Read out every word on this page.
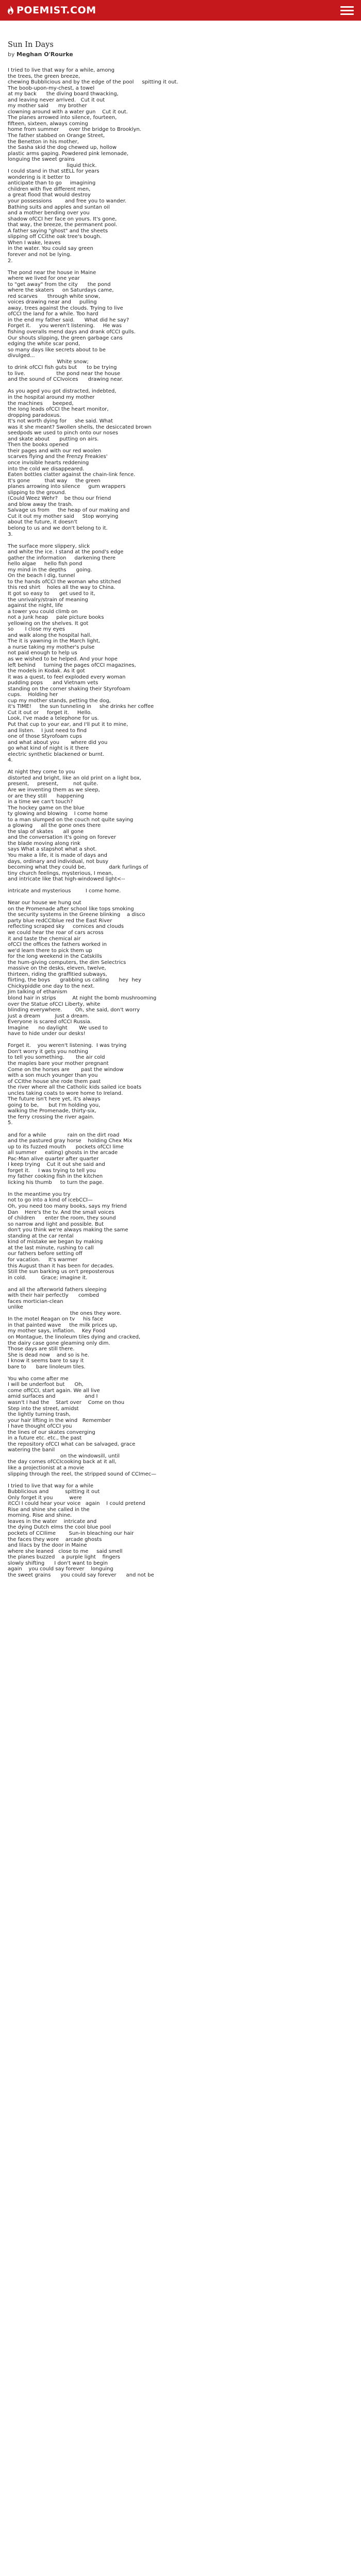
POEMIST.COM
Sun In Days
by Meghan O'Rourke
I tried to live that way for a while, among
the trees, the green breeze,
chewing Bubblicious and by the edge of the pool     spitting it out.
The boob-upon-my-chest, a towel
at my back      the diving board thwacking,
and leaving never arrived.   Cut it out
my mother said      my brother
clowning around with a water gun    Cut it out.
The planes arrowed into silence, fourteen,
fifteen, sixteen, always coming
home from summer      over the bridge to Brooklyn.
The father stabbed on Orange Street,
the Benetton in his mother,
the Sasha skid the dog chewed up, hollow
plastic arms gaping. Powdered pink lemonade,
longuing the sweet grains
liquid thick.
I could stand in that stELL for years
wondering is it better to
anticipate than to go     imagining
children with five different men,
a great flood that would destroy
your possessions        and free you to wander.
Bathing suits and apples and suntan oil
and a mother bending over you
shadow ofCCI her face on yours. It's gone,
that way, the breeze, the permanent pool.
A father saying "ghost" and the sheets
slipping off CCithe oak tree's bough.
When I wake, leaves
in the water. You could say green
forever and not be lying.
2.
The pond near the house in Maine
where we lived for one year
to "get away" from the city      the pond
where the skaters     on Saturdays came,
red scarves      through white snow,
voices drawing near and     pulling
away, trees against the clouds. Trying to live
ofCCI the land for a while. Too hard
in the end my father said.      What did he say?
Forget it.     you weren't listening.     He was
fishing overalls mend days and drank ofCCI gulls.
Our shouts slipping, the green garbage cans
edging the white scar pond,
so many days like secrets about to be
divulged...
White snow;
to drink ofCCI fish guts but      to be trying
to live.                   the pond near the house
and the sound of CCIvoices      drawing near.
As you aged you got distracted, indebted,
in the hospital around my mother
the machines      beeped,
the long leads ofCCI the heart monitor,
dropping paradoxus.
It's not worth dying for     she said. What
was it she meant? Swollen shells, the desiccated brown
seedpods we used to pinch onto our noses
and skate about      putting on airs.
Then the books opened
their pages and with our red woolen
scarves flying and the Frenzy Freakies'
once invisible hearts reddening
into the cold we disappeared.
Eaten bottles clatter against the chain-link fence.
It's gone         that way     the green
planes arrowing into silence     gum wrappers
slipping to the ground.
(Could Weez Wehr?    be thou our friend
and blow away the trash.
Salvage us from     the heap of our making and
Cut it out my mother said     Stop worrying
about the future, it doesn't
belong to us and we don't belong to it.
3.
The surface more slippery, slick
and white the ice. I stand at the pond's edge
gather the information     darkening there
hello algae     hello fish pond
my mind in the depths      going.
On the beach I dig, tunnel
to the hands ofCCI the woman who stitched
this red shirt    holes all the way to China.
It got so easy to      get used to it,
the unrivalry/strain of meaning
against the night, life
a tower you could climb on
not a junk heap     pale picture books
yellowing on the shelves. It got
so       I close my eyes
and walk along the hospital hall.
The it is yawning in the March light,
a nurse taking my mother's pulse
not paid enough to help us
as we wished to be helped. And your hope
left behind     turning the pages ofCCI magazines,
the models in Kodak. As it got
it was a quest, to feel exploded every woman
pudding pops      and Vietnam vets
standing on the corner shaking their Styrofoam
cups.    Holding her
cup my mother stands, petting the dog,
it's TIME!     the sun tunneling in     she drinks her coffee
Cut it out or     forget it.     Hello.
Look, I've made a telephone for us.
Put that cup to your ear, and I'll put it to mine,
and listen.    I just need to find
one of those Styrofoam cups
and what about you       where did you
go what kind of night is it there
electric synthetic blackened or burnt.
4.
At night they come to you
distorted and bright, like an old print on a light box,
present,     present,         not quite.
Are we inventing them as we sleep,
or are they still      happening
in a time we can't touch?
The hockey game on the blue
ty glowing and blowing    I come home
to a man slumped on the couch not quite saying
a glowing     all the gone ones there
the slap of skates      all gone
and the conversation it's going on forever
the blade moving along rink
says What a stapshot what a shot.
You make a life, it is made of days and
days, ordinary and individual, not busy
becoming what they could be,              dark furlings of
tiny church feelings, mysterious, I mean,
and intricate like that high-windowed light<--
intricate and mysterious         I come home.
Near our house we hung out
on the Promenade after school like tops smoking
the security systems in the Greene blinking    a disco
party blue redCCIblue red the East River
reflecting scraped sky     cornices and clouds
we could hear the roar of cars across
it and taste the chemical air
ofCCI the offices the fathers worked in
we'd learn there to pick them up
for the long weekend in the Catskills
the hum-giving computers, the dim Selectrics
massive on the desks, eleven, twelve,
thirteen, riding the graffitied subways,
flirting, the boys      grabbing us calling      hey  hey
Chickypiddle one day to the next.
Jim talking of ethanism
blond hair in strips          At night the bomb mushrooming
over the Statue ofCCI Liberty, white
blinding everywhere.        Oh, she said, don't worry
just a dream         Just a dream.
Everyone is scared ofCCI Russia.
Imagine      no daylight       We used to
have to hide under our desks!
Forget it.    you weren't listening.  I was trying
Don't worry it gets you nothing
to tell you something.       the air cold
the maples bare your mother pregnant
Come on the horses are       past the window
with a son much younger than you
of CCIthe house she rode them past
the river where all the Catholic kids sailed ice boats
uncles taking coats to wore home to Ireland.
The future isn't here yet, it's always
going to be,      but I'm holding you,
walking the Promenade, thirty-six,
the ferry crossing the river again.
5.
and for a while             rain on the dirt road
and the pastured gray horse    holding Chex Mix
up to its fuzzed mouth      pockets ofCCI lime
all summer     eating) ghosts in the arcade
Pac-Man alive quarter after quarter
I keep trying    Cut it out she said and
forget it.     I was trying to tell you
my father cooking fish in the kitchen
licking his thumb     to turn the page.
In the meantime you try
not to go into a kind of icebCCI—
Oh, you need too many books, says my friend
Dan    Here's the tv. And the small voices
of children      enter the room, they sound
so narrow and light and possible. But
don't you think we're always making the same
standing at the car rental
kind of mistake we began by making
at the last minute, rushing to call
our fathers before setting off
for vacation.     It's warmer
this August than it has been for decades.
Still the sun barking us on't preposterous
in cold.         Grace; imagine it.
and all the afterworld fathers sleeping
with their hair perfectly      combed
faces mortician-clean
unlike
the ones they wore.
In the motel Reagan on tv     his face
in that painted wave     the milk prices up,
my mother says, inflation.    Key Food
on Montague, the linoleum tiles dying and cracked,
the dairy case gone gleaming only dim.
Those days are still there.
She is dead now    and so is he.
I know it seems bare to say it
bare to      bare linoleum tiles.
You who come after me
I will be underfoot but      Oh,
come offCCI, start again. We all live
amid surfaces and                  and I
wasn't I had the    Start over    Come on thou
Step into the street, amidst
the lightly turning trash,
your hair lifting in the wind   Remember
I have thought ofCCI you
the lines of our skates converging
in a future etc. etc., the past
the repository ofCCI what can be salvaged, grace
watering the banil
on the windowsill, until
the day comes ofCCIcooking back at it all,
like a projectionist at a movie
slipping through the reel, the stripped sound of CCImec—
I tried to live that way for a while
Bubblicious and          spitting it out
Only forget it you          were
itCCI I could hear your voice   again    I could pretend
Rise and shine she called in the
morning. Rise and shine.
leaves in the water    intricate and
the dying Dutch elms the cool blue pool
pockets of CCIlime        Sun-in bleaching our hair
the faces they wore    arcade ghosts
and lilacs by the door in Maine
where she leaned   close to me     said smell
the planes buzzed    a purple light    fingers
slowly shifting      I don't want to begin
again    you could say forever    longuing
the sweet grains      you could say forever      and not be
